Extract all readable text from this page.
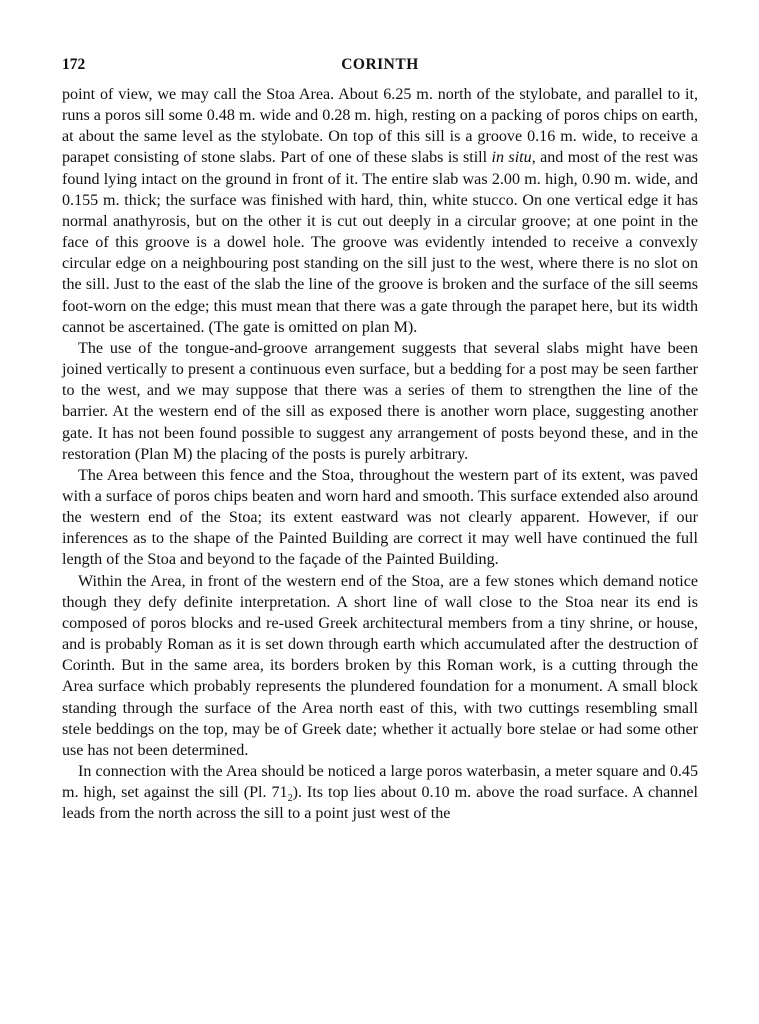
172	CORINTH

point of view, we may call the Stoa Area. About 6.25 m. north of the stylobate, and parallel to it, runs a poros sill some 0.48 m. wide and 0.28 m. high, resting on a packing of poros chips on earth, at about the same level as the stylobate. On top of this sill is a groove 0.16 m. wide, to receive a parapet consisting of stone slabs. Part of one of these slabs is still in situ, and most of the rest was found lying intact on the ground in front of it. The entire slab was 2.00 m. high, 0.90 m. wide, and 0.155 m. thick; the surface was finished with hard, thin, white stucco. On one vertical edge it has normal anathyrosis, but on the other it is cut out deeply in a circular groove; at one point in the face of this groove is a dowel hole. The groove was evidently intended to receive a convexly circular edge on a neighbouring post standing on the sill just to the west, where there is no slot on the sill. Just to the east of the slab the line of the groove is broken and the surface of the sill seems foot-worn on the edge; this must mean that there was a gate through the parapet here, but its width cannot be ascertained. (The gate is omitted on plan M).

The use of the tongue-and-groove arrangement suggests that several slabs might have been joined vertically to present a continuous even surface, but a bedding for a post may be seen farther to the west, and we may suppose that there was a series of them to strengthen the line of the barrier. At the western end of the sill as exposed there is another worn place, suggesting another gate. It has not been found possible to suggest any arrangement of posts beyond these, and in the restoration (Plan M) the placing of the posts is purely arbitrary.

The Area between this fence and the Stoa, throughout the western part of its extent, was paved with a surface of poros chips beaten and worn hard and smooth. This surface extended also around the western end of the Stoa; its extent eastward was not clearly apparent. However, if our inferences as to the shape of the Painted Building are correct it may well have continued the full length of the Stoa and beyond to the façade of the Painted Building.

Within the Area, in front of the western end of the Stoa, are a few stones which demand notice though they defy definite interpretation. A short line of wall close to the Stoa near its end is composed of poros blocks and re-used Greek architectural members from a tiny shrine, or house, and is probably Roman as it is set down through earth which accumulated after the destruction of Corinth. But in the same area, its borders broken by this Roman work, is a cutting through the Area surface which probably represents the plundered foundation for a monument. A small block standing through the surface of the Area north east of this, with two cuttings resembling small stele beddings on the top, may be of Greek date; whether it actually bore stelae or had some other use has not been determined.

In connection with the Area should be noticed a large poros waterbasin, a meter square and 0.45 m. high, set against the sill (Pl. $71_2$). Its top lies about 0.10 m. above the road surface. A channel leads from the north across the sill to a point just west of the
